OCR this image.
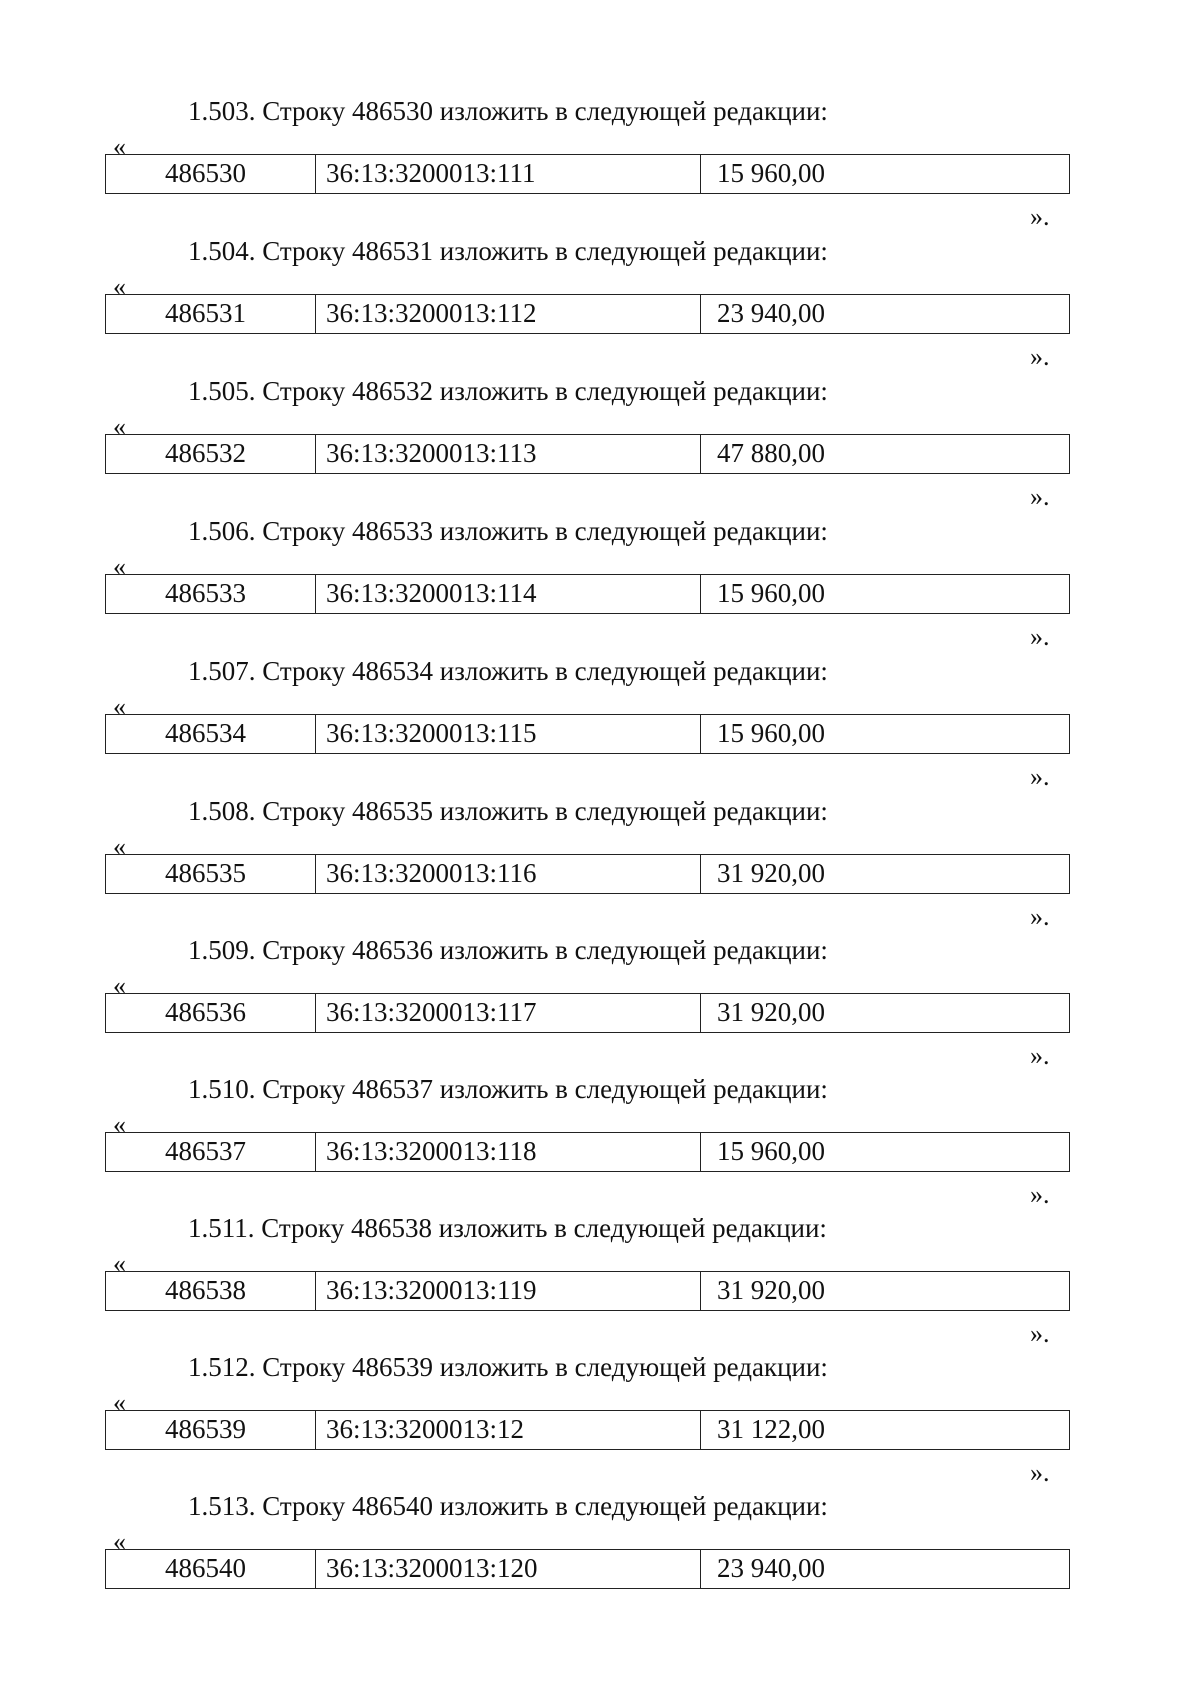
1.503. Строку 486530 изложить в следующей редакции:
«
486530	36:13:3200013:111	15 960,00
».
1.504. Строку 486531 изложить в следующей редакции:
«
486531	36:13:3200013:112	23 940,00
».
1.505. Строку 486532 изложить в следующей редакции:
«
486532	36:13:3200013:113	47 880,00
».
1.506. Строку 486533 изложить в следующей редакции:
«
486533	36:13:3200013:114	15 960,00
».
1.507. Строку 486534 изложить в следующей редакции:
«
486534	36:13:3200013:115	15 960,00
».
1.508. Строку 486535 изложить в следующей редакции:
«
486535	36:13:3200013:116	31 920,00
».
1.509. Строку 486536 изложить в следующей редакции:
«
486536	36:13:3200013:117	31 920,00
».
1.510. Строку 486537 изложить в следующей редакции:
«
486537	36:13:3200013:118	15 960,00
».
1.511. Строку 486538 изложить в следующей редакции:
«
486538	36:13:3200013:119	31 920,00
».
1.512. Строку 486539 изложить в следующей редакции:
«
486539	36:13:3200013:12	31 122,00
».
1.513. Строку 486540 изложить в следующей редакции:
«
486540	36:13:3200013:120	23 940,00
